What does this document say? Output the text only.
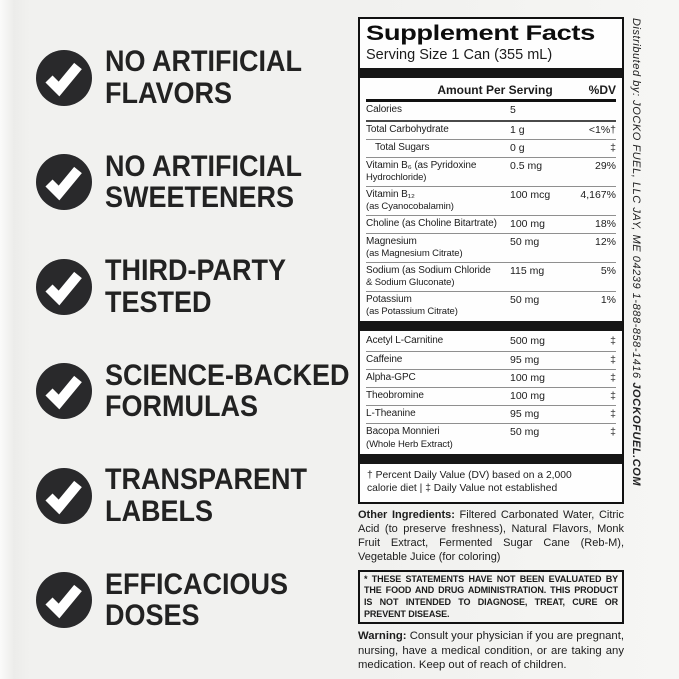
NO ARTIFICIAL
FLAVORS
NO ARTIFICIAL
SWEETENERS
THIRD-PARTY
TESTED
SCIENCE-BACKED
FORMULAS
TRANSPARENT
LABELS
EFFICACIOUS
DOSES
Supplement Facts
Serving Size 1 Can (355 mL)
Amount Per Serving	%DV
Calories	5
Total Carbohydrate	1 g	<1%†
Total Sugars	0 g	‡
Vitamin B₆ (as Pyridoxine
Hydrochloride)
0.5 mg	29%
Vitamin B₁₂
(as Cyanocobalamin)
100 mcg	4,167%
Choline (as Choline Bitartrate)	100 mg	18%
Magnesium
(as Magnesium Citrate)
50 mg	12%
Sodium (as Sodium Chloride
& Sodium Gluconate)
115 mg	5%
Potassium
(as Potassium Citrate)
50 mg	1%
Acetyl L-Carnitine	500 mg	‡
Caffeine	95 mg	‡
Alpha-GPC	100 mg	‡
Theobromine	100 mg	‡
L-Theanine	95 mg	‡
Bacopa Monnieri
(Whole Herb Extract)
50 mg	‡
† Percent Daily Value (DV) based on a 2,000
calorie diet | ‡ Daily Value not established
Other Ingredients: Filtered Carbonated Water, Citric Acid (to preserve freshness), Natural Flavors, Monk Fruit Extract, Fermented Sugar Cane (Reb-M), Vegetable Juice (for coloring)
* THESE STATEMENTS HAVE NOT BEEN EVALUATED BY THE FOOD AND DRUG ADMINISTRATION. THIS PRODUCT IS NOT INTENDED TO DIAGNOSE, TREAT, CURE OR PREVENT DISEASE.
Warning: Consult your physician if you are pregnant, nursing, have a medical condition, or are taking any medication. Keep out of reach of children.
Distributed by: JOCKO FUEL, LLC JAY, ME 04239 1-888-858-1416 JOCKOFUEL.COM
